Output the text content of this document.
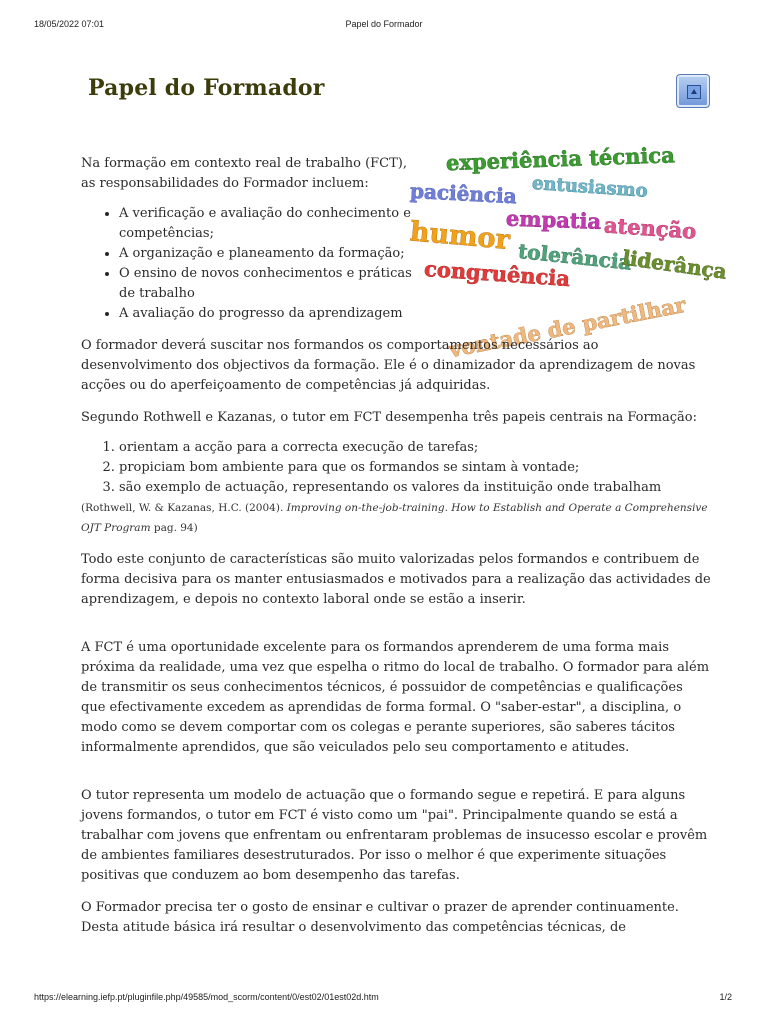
18/05/2022 07:01	Papel do Formador
Papel do Formador
experiência técnica
paciência entusiasmo
humor
empatia atenção
tolerância
liderânça
congruência
vontade de partilhar

Na formação em contexto real de trabalho (FCT), as responsabilidades do Formador incluem:

• A verificação e avaliação do conhecimento e competências;
• A organização e planeamento da formação;
• O ensino de novos conhecimentos e práticas de trabalho
• A avaliação do progresso da aprendizagem

O formador deverá suscitar nos formandos os comportamentos necessários ao desenvolvimento dos objectivos da formação. Ele é o dinamizador da aprendizagem de novas acções ou do aperfeiçoamento de competências já adquiridas.

Segundo Rothwell e Kazanas, o tutor em FCT desempenha três papeis centrais na Formação:

1. orientam a acção para a correcta execução de tarefas;
2. propiciam bom ambiente para que os formandos se sintam à vontade;
3. são exemplo de actuação, representando os valores da instituição onde trabalham

(Rothwell, W. & Kazanas, H.C. (2004). Improving on-the-job-training. How to Establish and Operate a Comprehensive OJT Program pag. 94)

Todo este conjunto de características são muito valorizadas pelos formandos e contribuem de forma decisiva para os manter entusiasmados e motivados para a realização das actividades de aprendizagem, e depois no contexto laboral onde se estão a inserir.

A FCT é uma oportunidade excelente para os formandos aprenderem de uma forma mais próxima da realidade, uma vez que espelha o ritmo do local de trabalho. O formador para além de transmitir os seus conhecimentos técnicos, é possuidor de competências e qualificações que efectivamente excedem as aprendidas de forma formal. O "saber-estar", a disciplina, o modo como se devem comportar com os colegas e perante superiores, são saberes tácitos informalmente aprendidos, que são veiculados pelo seu comportamento e atitudes.

O tutor representa um modelo de actuação que o formando segue e repetirá. E para alguns jovens formandos, o tutor em FCT é visto como um "pai". Principalmente quando se está a trabalhar com jovens que enfrentam ou enfrentaram problemas de insucesso escolar e provêm de ambientes familiares desestruturados. Por isso o melhor é que experimente situações positivas que conduzem ao bom desempenho das tarefas.

O Formador precisa ter o gosto de ensinar e cultivar o prazer de aprender continuamente. Desta atitude básica irá resultar o desenvolvimento das competências técnicas, de

https://elearning.iefp.pt/pluginfile.php/49585/mod_scorm/content/0/est02/01est02d.htm	1/2
